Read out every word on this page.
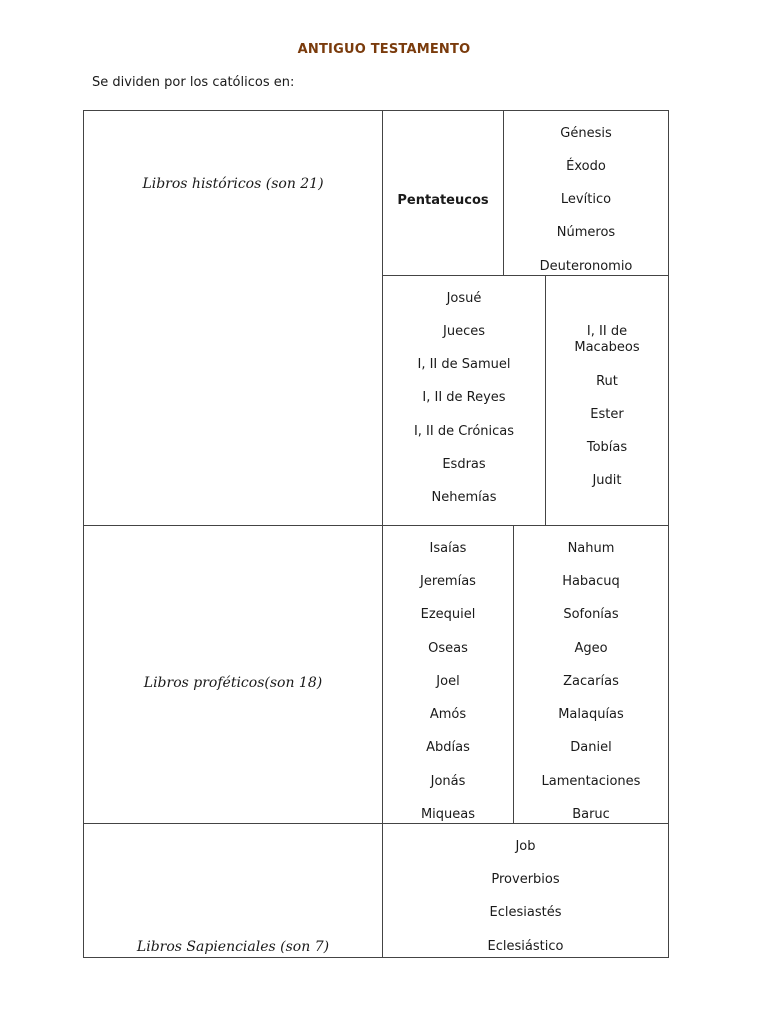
ANTIGUO TESTAMENTO
Se dividen por los católicos en:
Libros históricos (son 21)
Libros proféticos(son 18)
Libros Sapienciales (son 7)
Pentateucos
Génesis
Éxodo
Levítico
Números
Deuteronomio
Josué
Jueces
I, II de Samuel
I, II de Reyes
I, II de Crónicas
Esdras
Nehemías
I, II de
Macabeos
Rut
Ester
Tobías
Judit
Isaías
Jeremías
Ezequiel
Oseas
Joel
Amós
Abdías
Jonás
Miqueas
Nahum
Habacuq
Sofonías
Ageo
Zacarías
Malaquías
Daniel
Lamentaciones
Baruc
Job
Proverbios
Eclesiastés
Eclesiástico
